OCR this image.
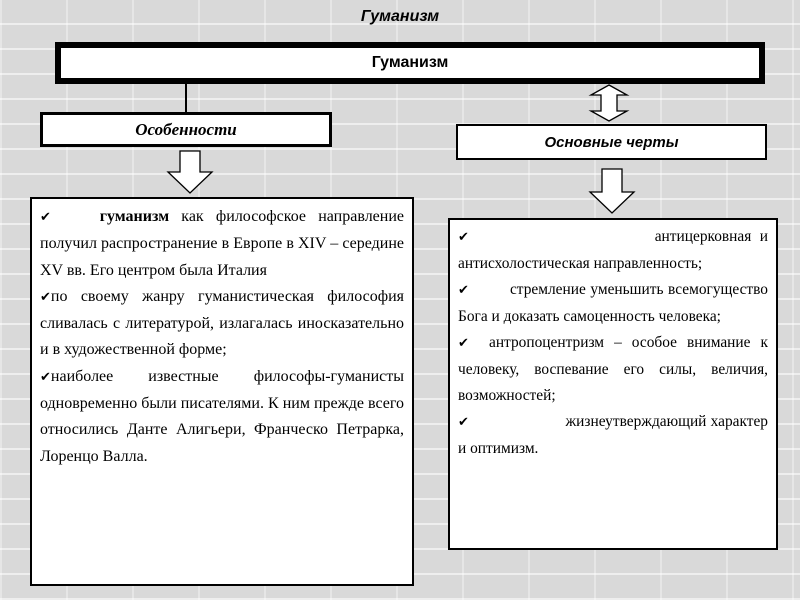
Гуманизм
Гуманизм
Особенности
Основные черты

✔	гуманизм как философское направление получил распространение в Европе в XIV – середине XV вв. Его центром была Италия

✔по своему жанру гуманистическая философия сливалась с литературой, излагалась иносказательно и в художественной форме;

✔наиболее известные философы-гуманисты одновременно были писателями. К ним прежде всего относились Данте Алигьери, Франческо Петрарка, Лоренцо Валла.

✔	антицерковная и антисхолостическая направленность;

✔	стремление уменьшить всемогущество Бога и доказать самоценность человека;

✔ антропоцентризм – особое внимание к человеку, воспевание его силы, величия, возможностей;

✔	жизнеутверждающий характер и оптимизм.
